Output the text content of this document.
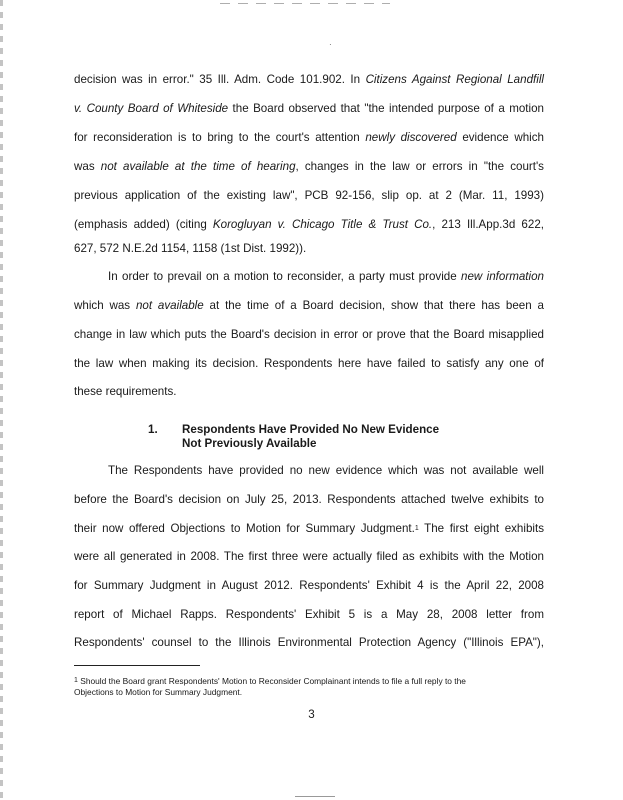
·
decision was in error." 35 Ill. Adm. Code 101.902. In Citizens Against Regional Landfill
v. County Board of Whiteside the Board observed that "the intended purpose of a motion
for reconsideration is to bring to the court's attention newly discovered evidence which
was not available at the time of hearing, changes in the law or errors in "the court's
previous application of the existing law", PCB 92-156, slip op. at 2 (Mar. 11, 1993)
(emphasis added) (citing Korogluyan v. Chicago Title & Trust Co., 213 Ill.App.3d 622,
627, 572 N.E.2d 1154, 1158 (1st Dist. 1992)).
In order to prevail on a motion to reconsider, a party must provide new information
which was not available at the time of a Board decision, show that there has been a
change in law which puts the Board's decision in error or prove that the Board misapplied
the law when making its decision. Respondents here have failed to satisfy any one of
these requirements.
1. Respondents Have Provided No New Evidence
Not Previously Available
The Respondents have provided no new evidence which was not available well
before the Board's decision on July 25, 2013. Respondents attached twelve exhibits to
their now offered Objections to Motion for Summary Judgment.$^1$ The first eight exhibits
were all generated in 2008. The first three were actually filed as exhibits with the Motion
for Summary Judgment in August 2012. Respondents' Exhibit 4 is the April 22, 2008
report of Michael Rapps. Respondents' Exhibit 5 is a May 28, 2008 letter from
Respondents' counsel to the Illinois Environmental Protection Agency ("Illinois EPA"),
$^1$ Should the Board grant Respondents' Motion to Reconsider Complainant intends to file a full reply to the
Objections to Motion for Summary Judgment.
3
